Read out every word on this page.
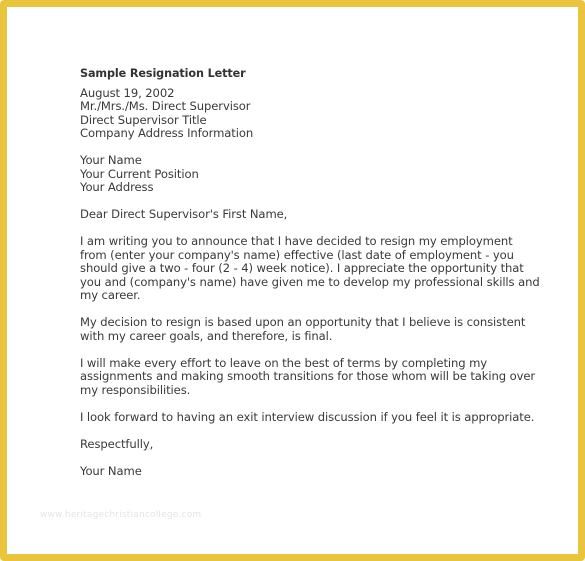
Sample Resignation Letter
August 19, 2002
Mr./Mrs./Ms. Direct Supervisor
Direct Supervisor Title
Company Address Information
Your Name
Your Current Position
Your Address
Dear Direct Supervisor's First Name,
I am writing you to announce that I have decided to resign my employment
from (enter your company's name) effective (last date of employment - you
should give a two - four (2 - 4) week notice). I appreciate the opportunity that
you and (company's name) have given me to develop my professional skills and
my career.
My decision to resign is based upon an opportunity that I believe is consistent
with my career goals, and therefore, is final.
I will make every effort to leave on the best of terms by completing my
assignments and making smooth transitions for those whom will be taking over
my responsibilities.
I look forward to having an exit interview discussion if you feel it is appropriate.
Respectfully,
Your Name
www.heritagechristiancollege.com
